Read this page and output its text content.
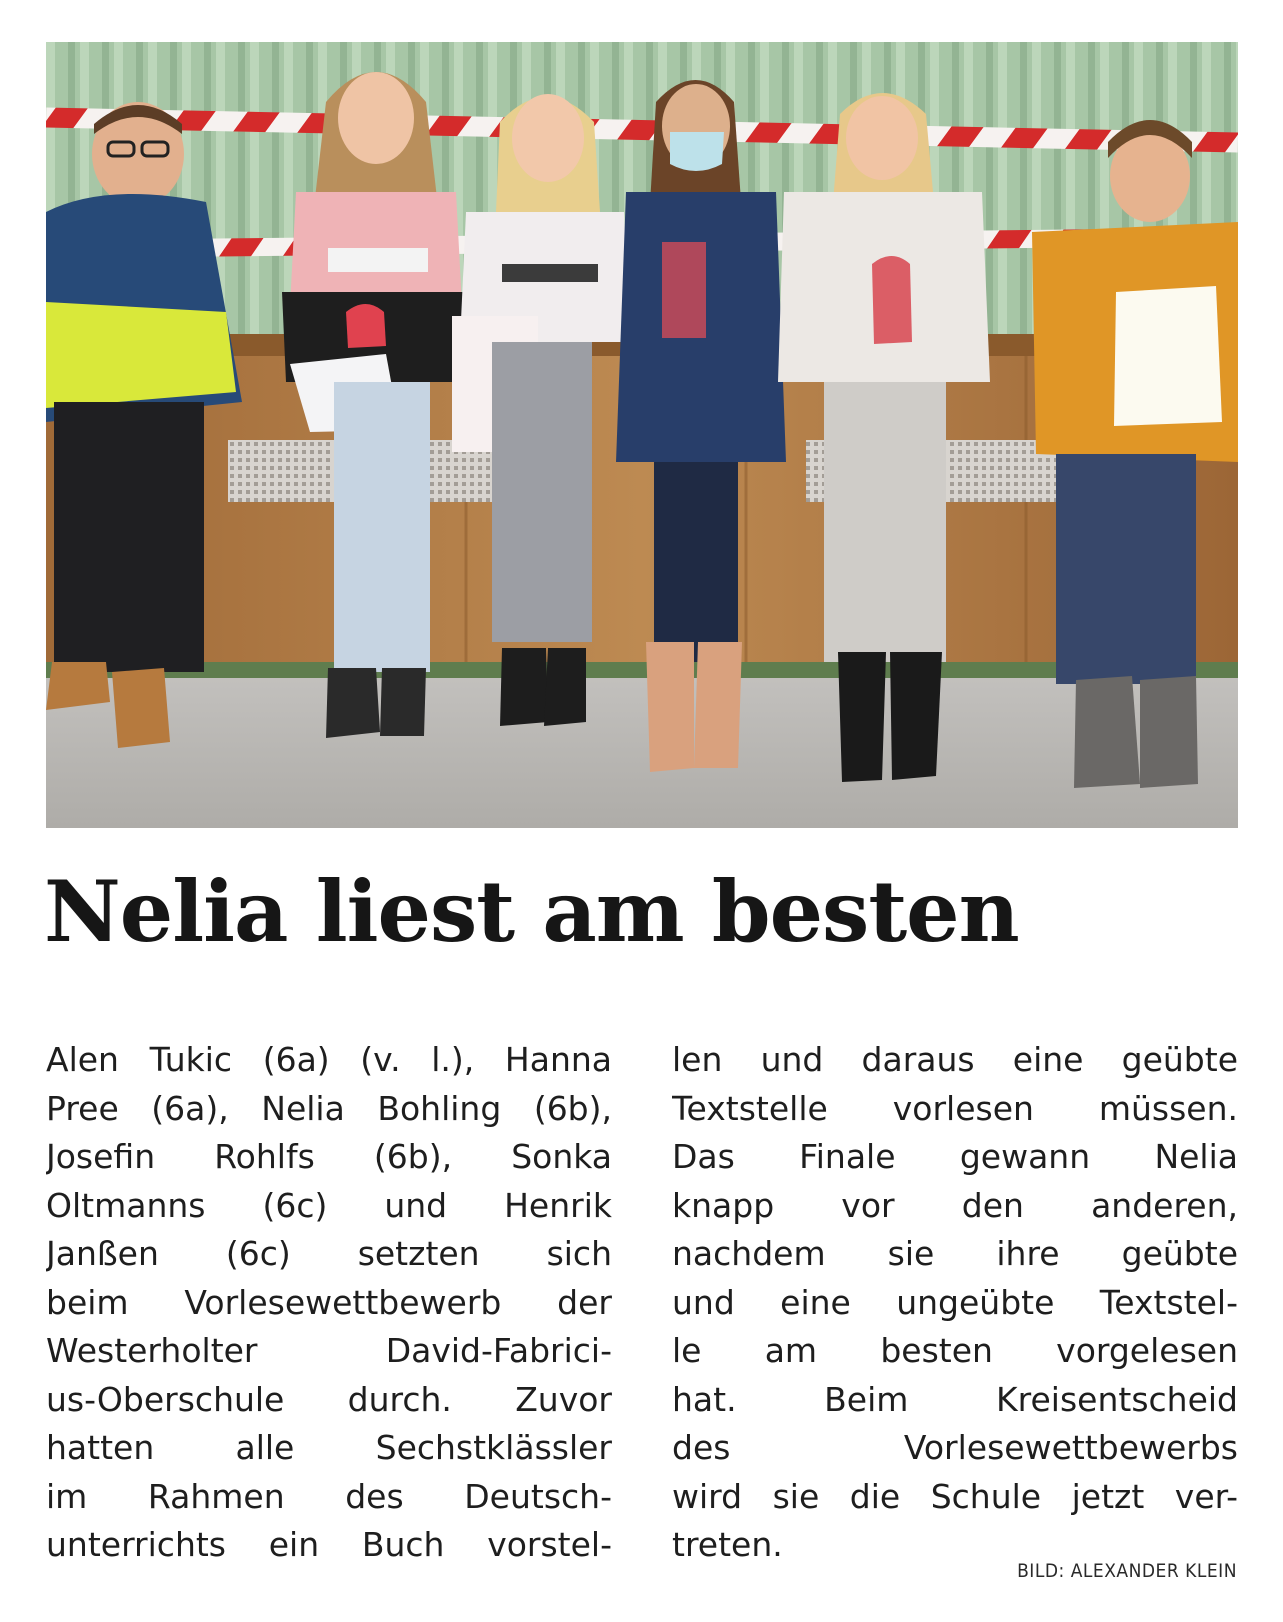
Nelia liest am besten
Alen Tukic (6a) (v. l.), Hanna
Pree (6a), Nelia Bohling (6b),
Josefin Rohlfs (6b), Sonka
Oltmanns (6c) und Henrik
Janßen (6c) setzten sich
beim Vorlesewettbewerb der
Westerholter David-Fabrici-
us-Oberschule durch. Zuvor
hatten alle Sechstklässler
im Rahmen des Deutsch-
unterrichts ein Buch vorstel-
len und daraus eine geübte
Textstelle vorlesen müssen.
Das Finale gewann Nelia
knapp vor den anderen,
nachdem sie ihre geübte
und eine ungeübte Textstel-
le am besten vorgelesen
hat. Beim Kreisentscheid
des Vorlesewettbewerbs
wird sie die Schule jetzt ver-
treten.
BILD: ALEXANDER KLEIN
